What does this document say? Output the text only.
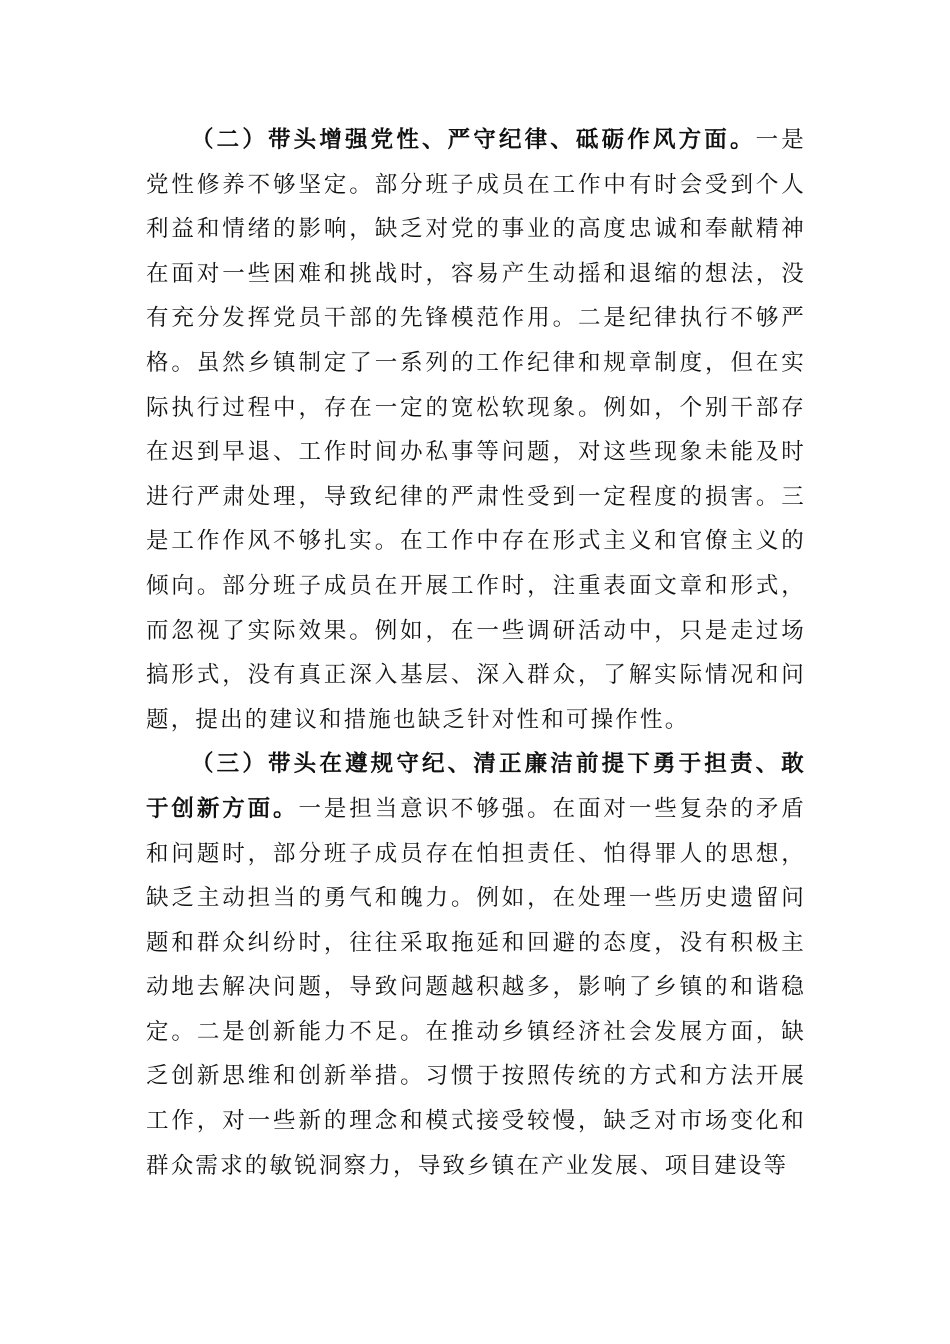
（二）带头增强党性、严守纪律、砥砺作风方面。一是党性修养不够坚定。部分班子成员在工作中有时会受到个人利益和情绪的影响，缺乏对党的事业的高度忠诚和奉献精神在面对一些困难和挑战时，容易产生动摇和退缩的想法，没有充分发挥党员干部的先锋模范作用。二是纪律执行不够严格。虽然乡镇制定了一系列的工作纪律和规章制度，但在实际执行过程中，存在一定的宽松软现象。例如，个别干部存在迟到早退、工作时间办私事等问题，对这些现象未能及时进行严肃处理，导致纪律的严肃性受到一定程度的损害。三是工作作风不够扎实。在工作中存在形式主义和官僚主义的倾向。部分班子成员在开展工作时，注重表面文章和形式，而忽视了实际效果。例如，在一些调研活动中，只是走过场搞形式，没有真正深入基层、深入群众，了解实际情况和问题，提出的建议和措施也缺乏针对性和可操作性。

（三）带头在遵规守纪、清正廉洁前提下勇于担责、敢于创新方面。一是担当意识不够强。在面对一些复杂的矛盾和问题时，部分班子成员存在怕担责任、怕得罪人的思想，缺乏主动担当的勇气和魄力。例如，在处理一些历史遗留问题和群众纠纷时，往往采取拖延和回避的态度，没有积极主动地去解决问题，导致问题越积越多，影响了乡镇的和谐稳定。二是创新能力不足。在推动乡镇经济社会发展方面，缺乏创新思维和创新举措。习惯于按照传统的方式和方法开展工作，对一些新的理念和模式接受较慢，缺乏对市场变化和群众需求的敏锐洞察力，导致乡镇在产业发展、项目建设等
